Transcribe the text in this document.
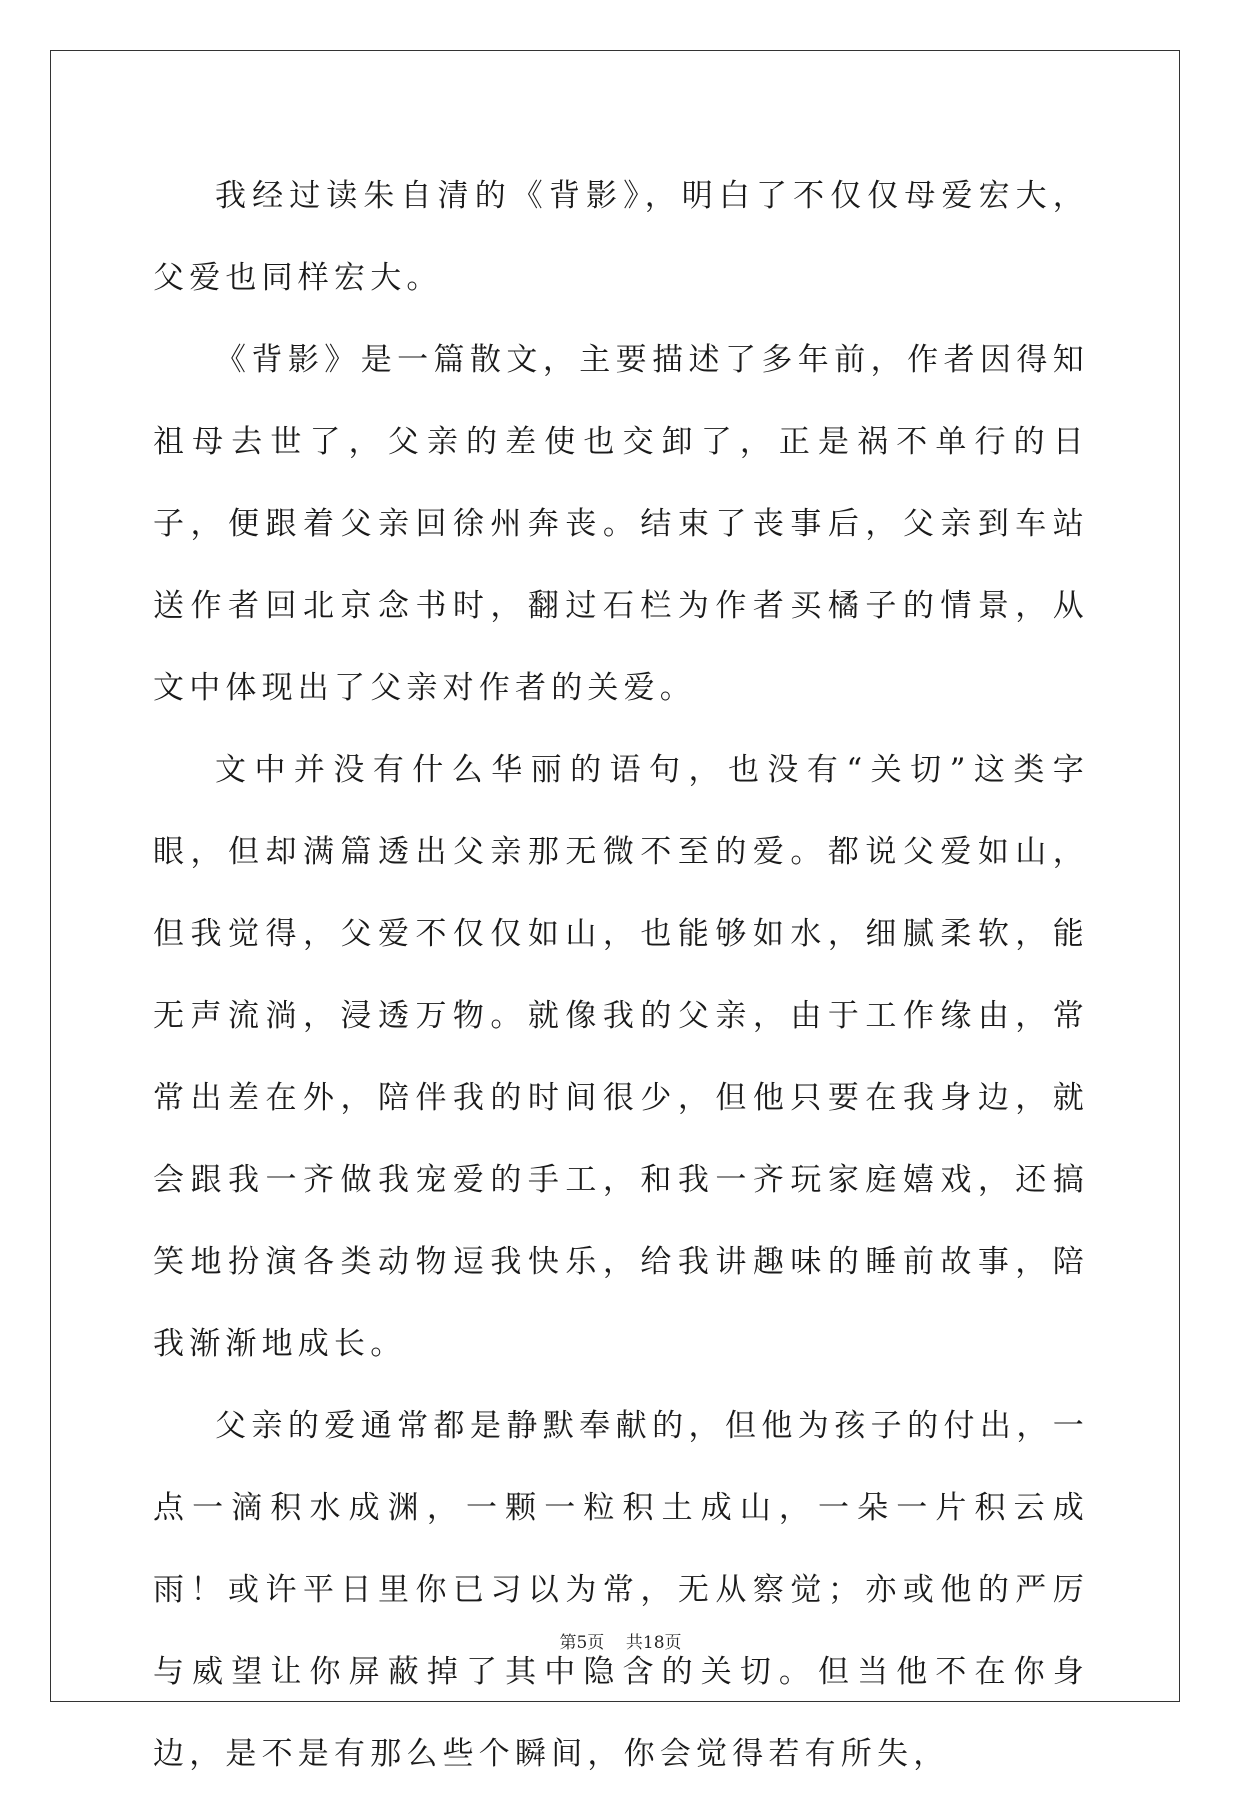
我经过读朱自清的《背影》，明白了不仅仅母爱宏大，父爱也同样宏大。

《背影》是一篇散文，主要描述了多年前，作者因得知祖母去世了，父亲的差使也交卸了，正是祸不单行的日子，便跟着父亲回徐州奔丧。结束了丧事后，父亲到车站送作者回北京念书时，翻过石栏为作者买橘子的情景，从文中体现出了父亲对作者的关爱。

文中并没有什么华丽的语句，也没有“关切”这类字眼，但却满篇透出父亲那无微不至的爱。都说父爱如山，但我觉得，父爱不仅仅如山，也能够如水，细腻柔软，能无声流淌，浸透万物。就像我的父亲，由于工作缘由，常常出差在外，陪伴我的时间很少，但他只要在我身边，就会跟我一齐做我宠爱的手工，和我一齐玩家庭嬉戏，还搞笑地扮演各类动物逗我快乐，给我讲趣味的睡前故事，陪我渐渐地成长。

父亲的爱通常都是静默奉献的，但他为孩子的付出，一点一滴积水成渊，一颗一粒积土成山，一朵一片积云成雨！或许平日里你已习以为常，无从察觉；亦或他的严厉与威望让你屏蔽掉了其中隐含的关切。但当他不在你身边，是不是有那么些个瞬间，你会觉得若有所失，

第5页 共18页
